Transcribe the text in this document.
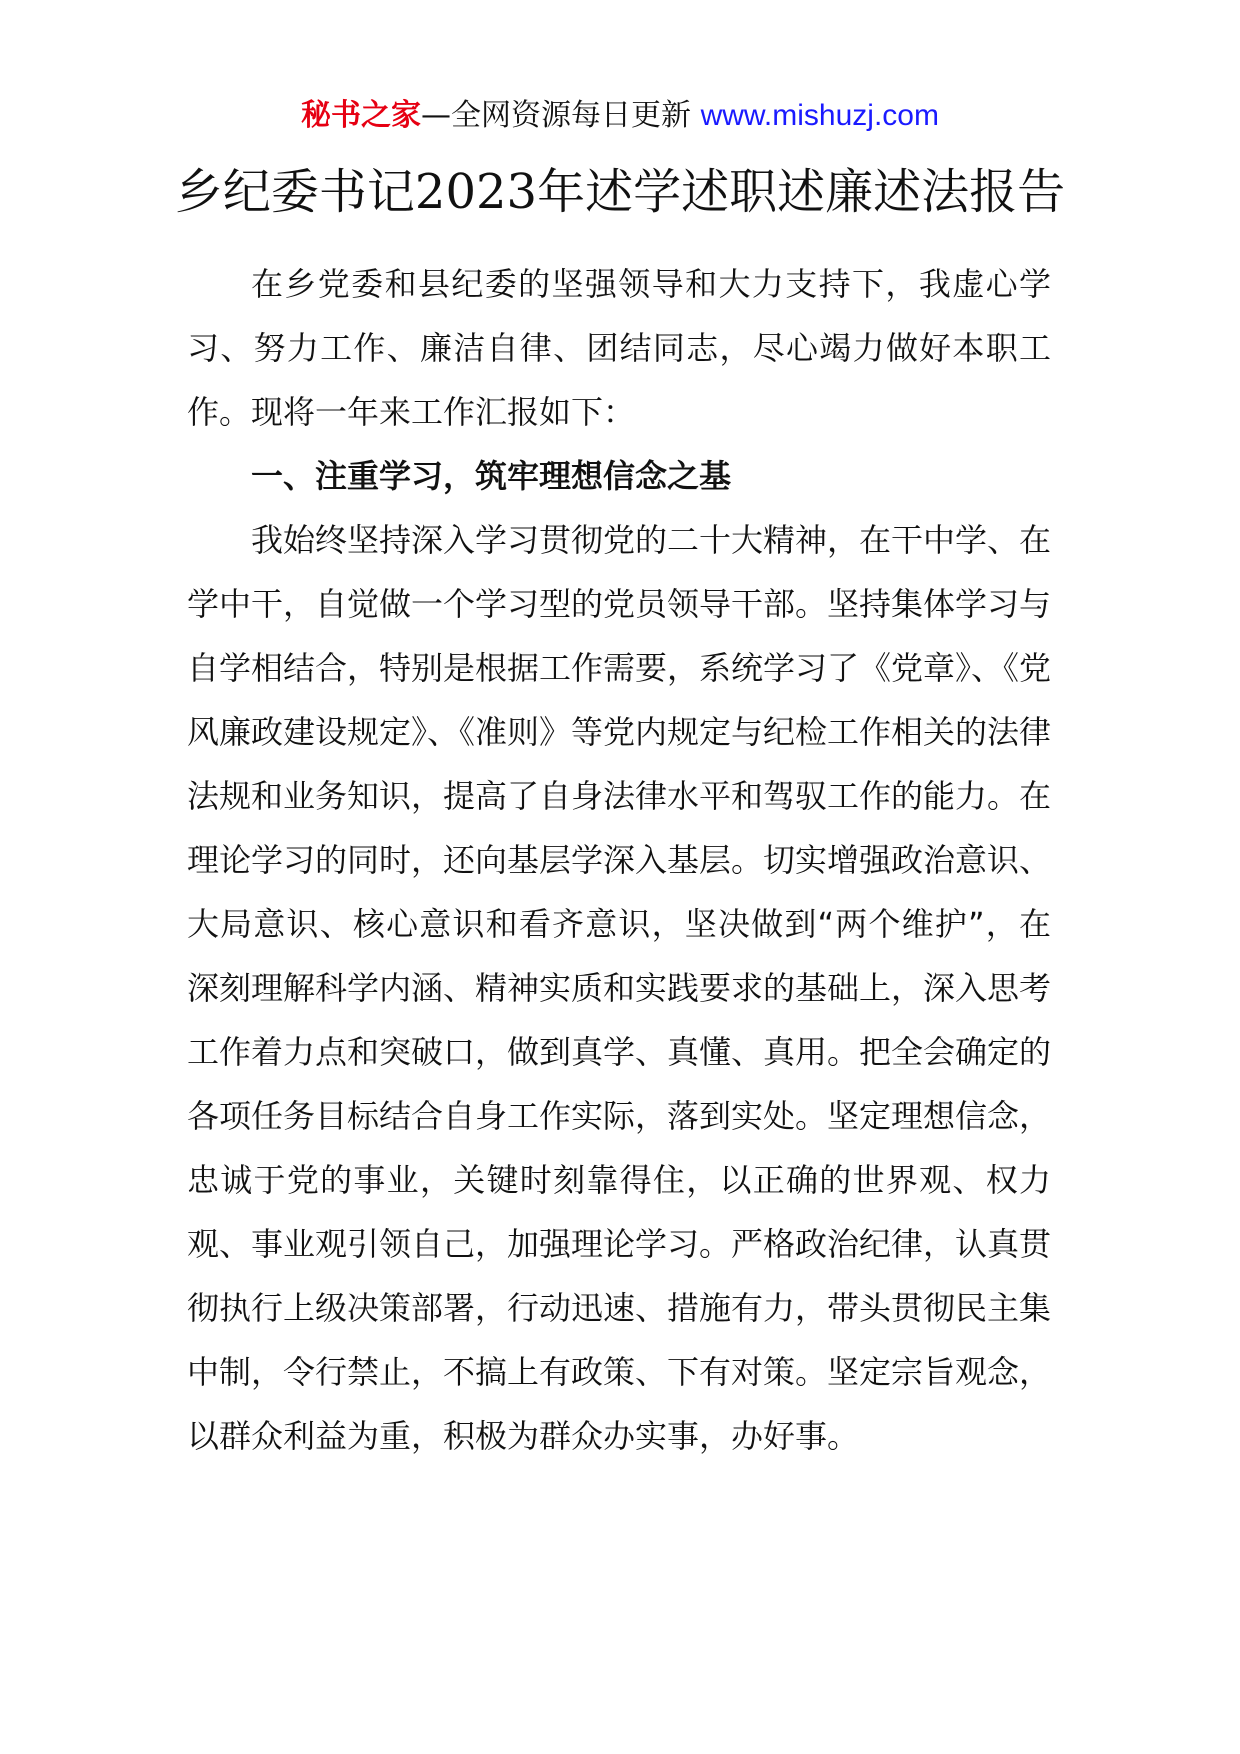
秘书之家—全网资源每日更新 www.mishuzj.com
乡纪委书记2023年述学述职述廉述法报告

在乡党委和县纪委的坚强领导和大力支持下，我虚心学习、努力工作、廉洁自律、团结同志，尽心竭力做好本职工作。现将一年来工作汇报如下：

一、注重学习，筑牢理想信念之基

我始终坚持深入学习贯彻党的二十大精神，在干中学、在学中干，自觉做一个学习型的党员领导干部。坚持集体学习与自学相结合，特别是根据工作需要，系统学习了《党章》、《党风廉政建设规定》、《准则》等党内规定与纪检工作相关的法律法规和业务知识，提高了自身法律水平和驾驭工作的能力。在理论学习的同时，还向基层学深入基层。切实增强政治意识、大局意识、核心意识和看齐意识，坚决做到“两个维护”，在深刻理解科学内涵、精神实质和实践要求的基础上，深入思考工作着力点和突破口，做到真学、真懂、真用。把全会确定的各项任务目标结合自身工作实际，落到实处。坚定理想信念，忠诚于党的事业，关键时刻靠得住，以正确的世界观、权力观、事业观引领自己，加强理论学习。严格政治纪律，认真贯彻执行上级决策部署，行动迅速、措施有力，带头贯彻民主集中制，令行禁止，不搞上有政策、下有对策。坚定宗旨观念，以群众利益为重，积极为群众办实事，办好事。
